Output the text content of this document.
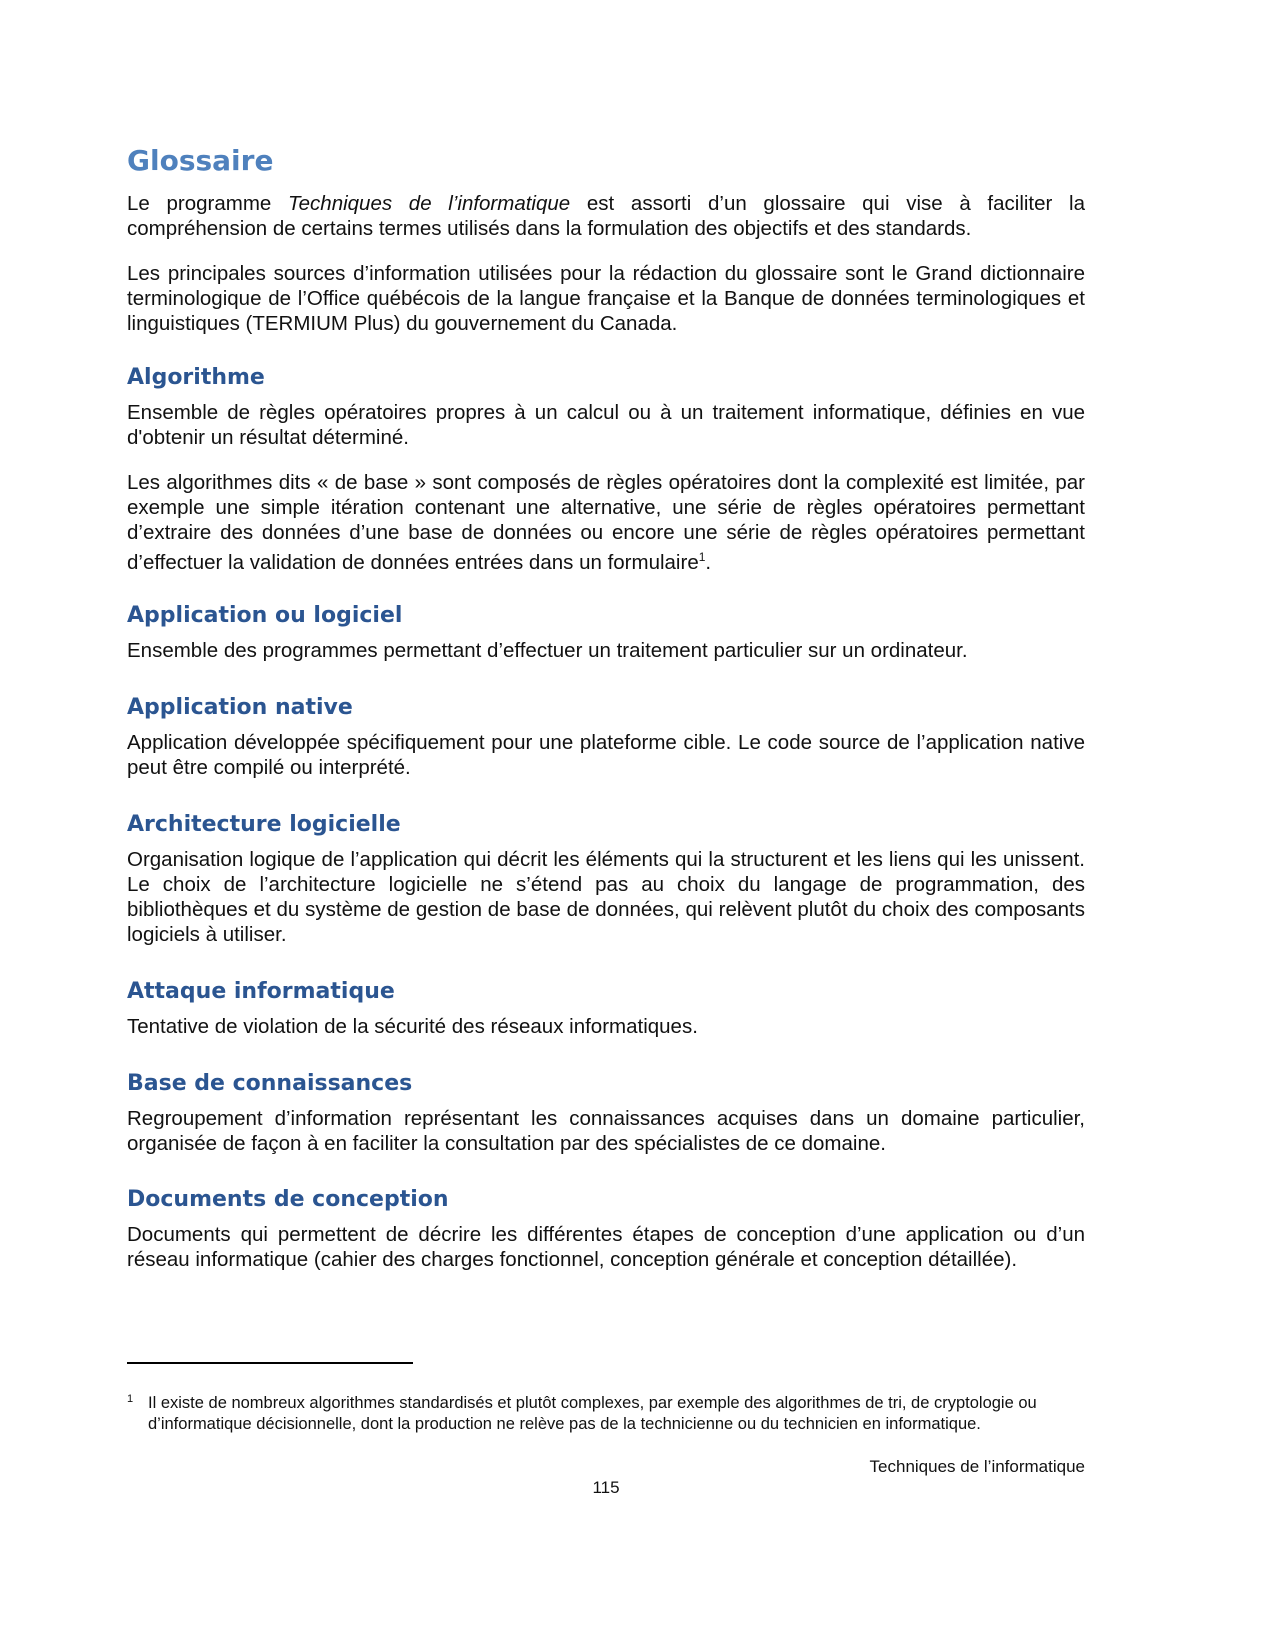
Glossaire

Le programme Techniques de l’informatique est assorti d’un glossaire qui vise à faciliter la compréhension de certains termes utilisés dans la formulation des objectifs et des standards.

Les principales sources d’information utilisées pour la rédaction du glossaire sont le Grand dictionnaire terminologique de l’Office québécois de la langue française et la Banque de données terminologiques et linguistiques (TERMIUM Plus) du gouvernement du Canada.

Algorithme

Ensemble de règles opératoires propres à un calcul ou à un traitement informatique, définies en vue d'obtenir un résultat déterminé.

Les algorithmes dits « de base » sont composés de règles opératoires dont la complexité est limitée, par exemple une simple itération contenant une alternative, une série de règles opératoires permettant d’extraire des données d’une base de données ou encore une série de règles opératoires permettant d’effectuer la validation de données entrées dans un formulaire$^1$.

Application ou logiciel

Ensemble des programmes permettant d’effectuer un traitement particulier sur un ordinateur.

Application native

Application développée spécifiquement pour une plateforme cible. Le code source de l’application native peut être compilé ou interprété.

Architecture logicielle

Organisation logique de l’application qui décrit les éléments qui la structurent et les liens qui les unissent. Le choix de l’architecture logicielle ne s’étend pas au choix du langage de programmation, des bibliothèques et du système de gestion de base de données, qui relèvent plutôt du choix des composants logiciels à utiliser.

Attaque informatique

Tentative de violation de la sécurité des réseaux informatiques.

Base de connaissances

Regroupement d’information représentant les connaissances acquises dans un domaine particulier, organisée de façon à en faciliter la consultation par des spécialistes de ce domaine.

Documents de conception

Documents qui permettent de décrire les différentes étapes de conception d’une application ou d’un réseau informatique (cahier des charges fonctionnel, conception générale et conception détaillée).

1 Il existe de nombreux algorithmes standardisés et plutôt complexes, par exemple des algorithmes de tri, de cryptologie ou d’informatique décisionnelle, dont la production ne relève pas de la technicienne ou du technicien en informatique.
Techniques de l’informatique
115
